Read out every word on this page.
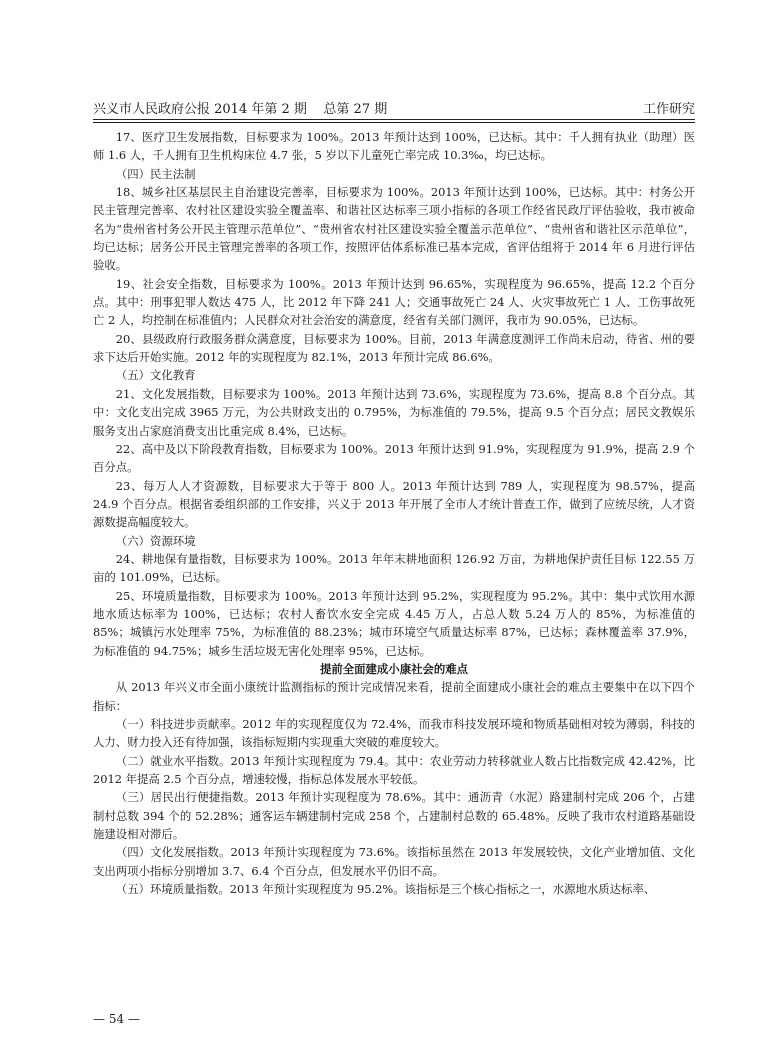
兴义市人民政府公报 2014 年第 2 期    总第 27 期	工作研究

17、医疗卫生发展指数，目标要求为 100%。2013 年预计达到 100%，已达标。其中：千人拥有执业（助理）医师 1.6 人，千人拥有卫生机构床位 4.7 张，5 岁以下儿童死亡率完成 10.3‰，均已达标。

（四）民主法制

18、城乡社区基层民主自治建设完善率，目标要求为 100%。2013 年预计达到 100%，已达标。其中：村务公开民主管理完善率、农村社区建设实验全覆盖率、和谐社区达标率三项小指标的各项工作经省民政厅评估验收，我市被命名为“贵州省村务公开民主管理示范单位”、“贵州省农村社区建设实验全覆盖示范单位”、“贵州省和谐社区示范单位”，均已达标；居务公开民主管理完善率的各项工作，按照评估体系标准已基本完成，省评估组将于 2014 年 6 月进行评估验收。

19、社会安全指数，目标要求为 100%。2013 年预计达到 96.65%，实现程度为 96.65%，提高 12.2 个百分点。其中：刑事犯罪人数达 475 人，比 2012 年下降 241 人；交通事故死亡 24 人、火灾事故死亡 1 人、工伤事故死亡 2 人，均控制在标准值内；人民群众对社会治安的满意度，经省有关部门测评，我市为 90.05%，已达标。

20、县级政府行政服务群众满意度，目标要求为 100%。目前，2013 年满意度测评工作尚未启动，待省、州的要求下达后开始实施。2012 年的实现程度为 82.1%，2013 年预计完成 86.6%。

（五）文化教育

21、文化发展指数，目标要求为 100%。2013 年预计达到 73.6%，实现程度为 73.6%，提高 8.8 个百分点。其中：文化支出完成 3965 万元，为公共财政支出的 0.795%，为标准值的 79.5%，提高 9.5 个百分点；居民文教娱乐服务支出占家庭消费支出比重完成 8.4%，已达标。

22、高中及以下阶段教育指数，目标要求为 100%。2013 年预计达到 91.9%，实现程度为 91.9%，提高 2.9 个百分点。

23、每万人人才资源数，目标要求大于等于 800 人。2013 年预计达到 789 人，实现程度为 98.57%，提高 24.9 个百分点。根据省委组织部的工作安排，兴义于 2013 年开展了全市人才统计普查工作，做到了应统尽统，人才资源数提高幅度较大。

（六）资源环境

24、耕地保有量指数，目标要求为 100%。2013 年年末耕地面积 126.92 万亩，为耕地保护责任目标 122.55 万亩的 101.09%，已达标。

25、环境质量指数，目标要求为 100%。2013 年预计达到 95.2%，实现程度为 95.2%。其中：集中式饮用水源地水质达标率为 100%，已达标；农村人畜饮水安全完成 4.45 万人，占总人数 5.24 万人的 85%，为标准值的 85%；城镇污水处理率 75%，为标准值的 88.23%；城市环境空气质量达标率 87%，已达标；森林覆盖率 37.9%，为标准值的 94.75%；城乡生活垃圾无害化处理率 95%，已达标。

提前全面建成小康社会的难点

从 2013 年兴义市全面小康统计监测指标的预计完成情况来看，提前全面建成小康社会的难点主要集中在以下四个指标：

（一）科技进步贡献率。2012 年的实现程度仅为 72.4%，而我市科技发展环境和物质基础相对较为薄弱，科技的人力、财力投入还有待加强，该指标短期内实现重大突破的难度较大。

（二）就业水平指数。2013 年预计实现程度为 79.4。其中：农业劳动力转移就业人数占比指数完成 42.42%，比 2012 年提高 2.5 个百分点，增速较慢，指标总体发展水平较低。

（三）居民出行便捷指数。2013 年预计实现程度为 78.6%。其中：通沥青（水泥）路建制村完成 206 个，占建制村总数 394 个的 52.28%；通客运车辆建制村完成 258 个，占建制村总数的 65.48%。反映了我市农村道路基础设施建设相对滞后。

（四）文化发展指数。2013 年预计实现程度为 73.6%。该指标虽然在 2013 年发展较快，文化产业增加值、文化支出两项小指标分别增加 3.7、6.4 个百分点，但发展水平仍旧不高。

（五）环境质量指数。2013 年预计实现程度为 95.2%。该指标是三个核心指标之一，水源地水质达标率、

— 54 —
